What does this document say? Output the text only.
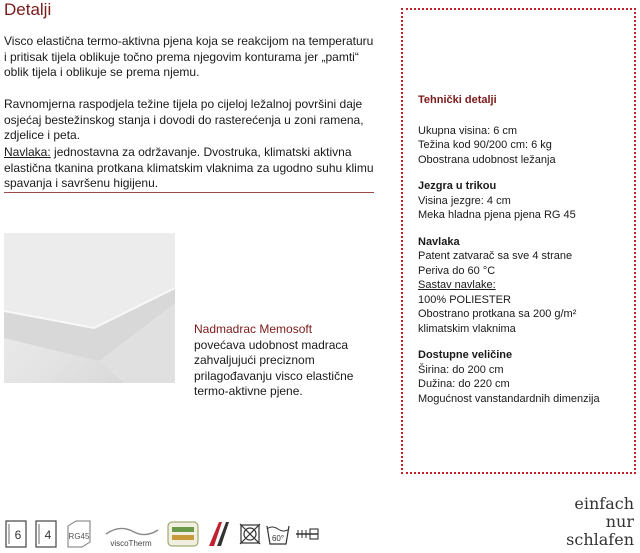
Detalji
Visco elastična termo-aktivna pjena koja se reakcijom na temperaturu i pritisak tijela oblikuje točno prema njegovim konturama jer „pamti“ oblik tijela i oblikuje se prema njemu.
Ravnomjerna raspodjela težine tijela po cijeloj ležalnoj površini daje osjećaj bestežinskog stanja i dovodi do rasterećenja u zoni ramena, zdjelice i peta.
Navlaka: jednostavna za održavanje. Dvostruka, klimatski aktivna elastična tkanina protkana klimatskim vlaknima za ugodno suhu klimu spavanja i savršenu higijenu.
Nadmadrac Memosoft povećava udobnost madraca zahvaljujući preciznom prilagođavanju visco elastične termo-aktivne pjene.
Tehnički detalji
Ukupna visina: 6 cm
Težina kod 90/200 cm: 6 kg
Obostrana udobnost ležanja
Jezgra u trikou
Visina jezgre: 4 cm
Meka hladna pjena pjena RG 45
Navlaka
Patent zatvarač sa sve 4 strane
Periva do 60 °C
Sastav navlake:
100% POLIESTER
Obostrano protkana sa 200 g/m²
klimatskim vlaknima
Dostupne veličine
Širina: do 200 cm
Dužina: do 220 cm
Mogućnost vanstandardnih dimenzija
6 4 RG45
viscoTherm
60°
einfach
nur
schlafen
